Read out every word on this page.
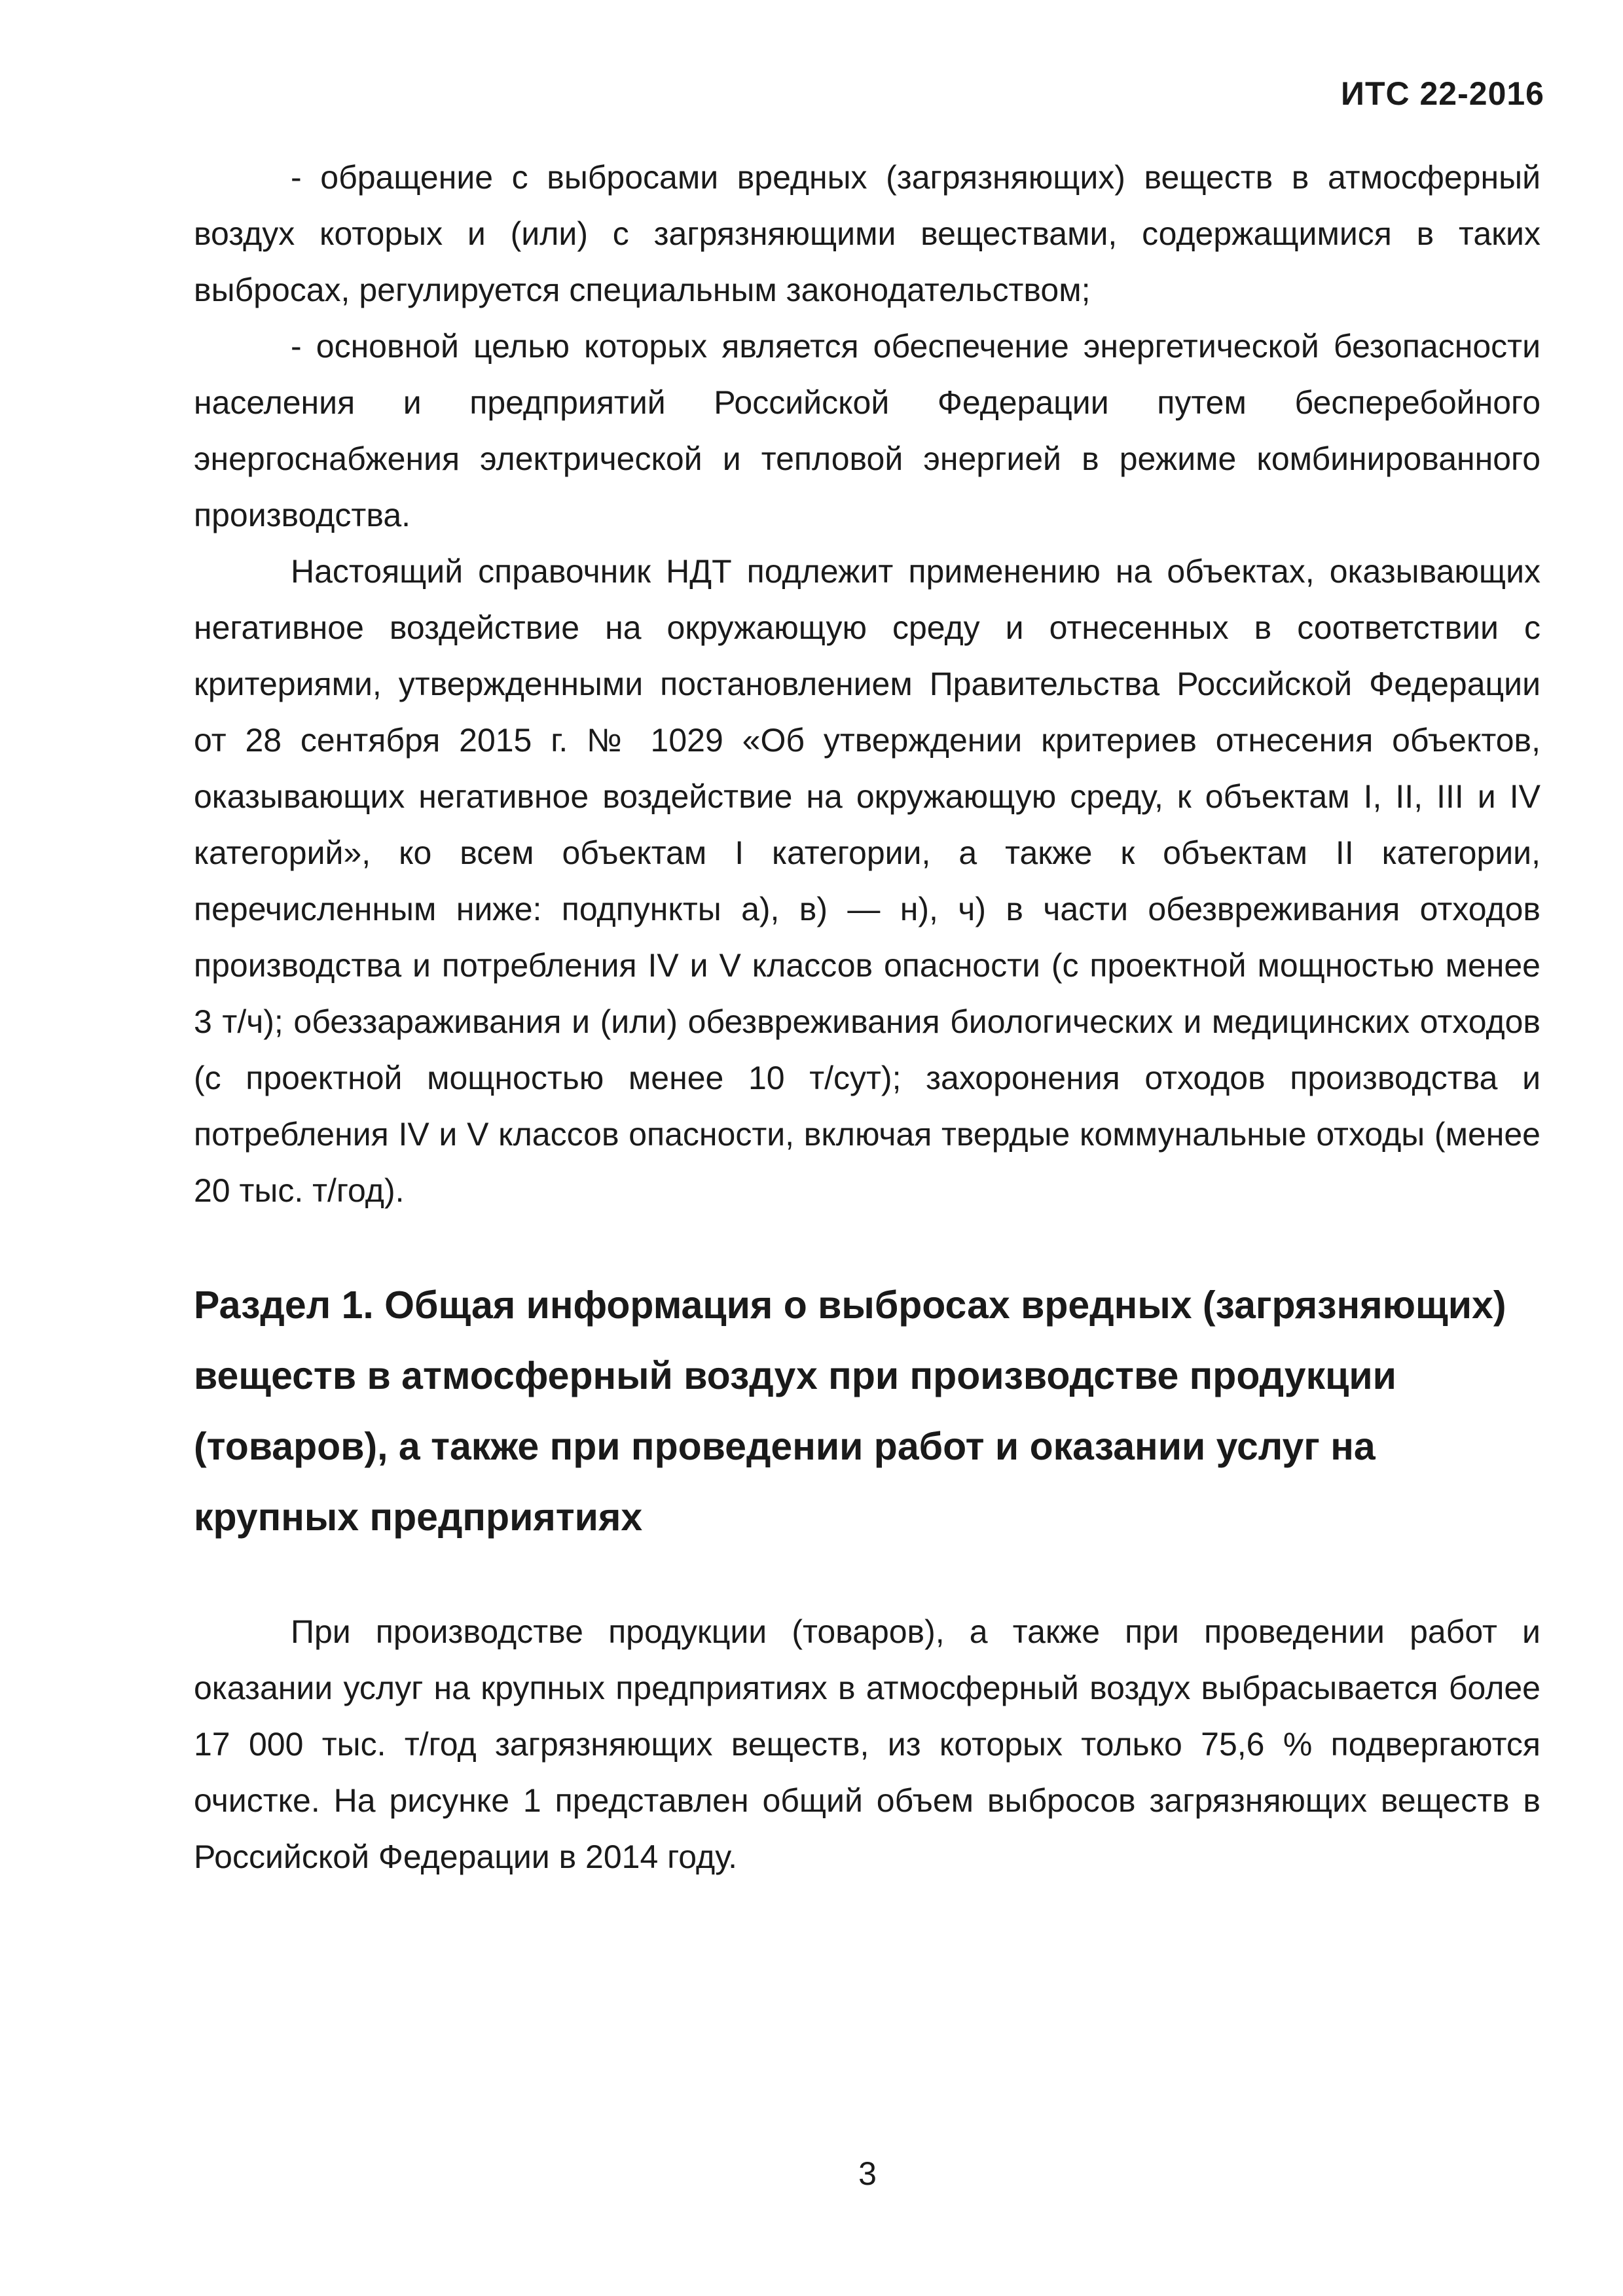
ИТС 22-2016

- обращение с выбросами вредных (загрязняющих) веществ в атмосферный воздух которых и (или) с загрязняющими веществами, содержащимися в таких выбросах, регулируется специальным законодательством;

- основной целью которых является обеспечение энергетической безопасности населения и предприятий Российской Федерации путем бесперебойного энергоснабжения электрической и тепловой энергией в режиме комбинированного производства.

Настоящий справочник НДТ подлежит применению на объектах, оказывающих негативное воздействие на окружающую среду и отнесенных в соответствии с критериями, утвержденными постановлением Правительства Российской Федерации от 28 сентября 2015 г. № 1029 «Об утверждении критериев отнесения объектов, оказывающих негативное воздействие на окружающую среду, к объектам I, II, III и IV категорий», ко всем объектам I категории, а также к объектам II категории, перечисленным ниже: подпункты а), в) — н), ч) в части обезвреживания отходов производства и потребления IV и V классов опасности (с проектной мощностью менее 3 т/ч); обеззараживания и (или) обезвреживания биологических и медицинских отходов (с проектной мощностью менее 10 т/сут); захоронения отходов производства и потребления IV и V классов опасности, включая твердые коммунальные отходы (менее 20 тыс. т/год).

Раздел 1. Общая информация о выбросах вредных (загрязняющих) веществ в атмосферный воздух при производстве продукции (товаров), а также при проведении работ и оказании услуг на крупных предприятиях

При производстве продукции (товаров), а также при проведении работ и оказании услуг на крупных предприятиях в атмосферный воздух выбрасывается более 17 000 тыс. т/год загрязняющих веществ, из которых только 75,6 % подвергаются очистке. На рисунке 1 представлен общий объем выбросов загрязняющих веществ в Российской Федерации в 2014 году.

3
